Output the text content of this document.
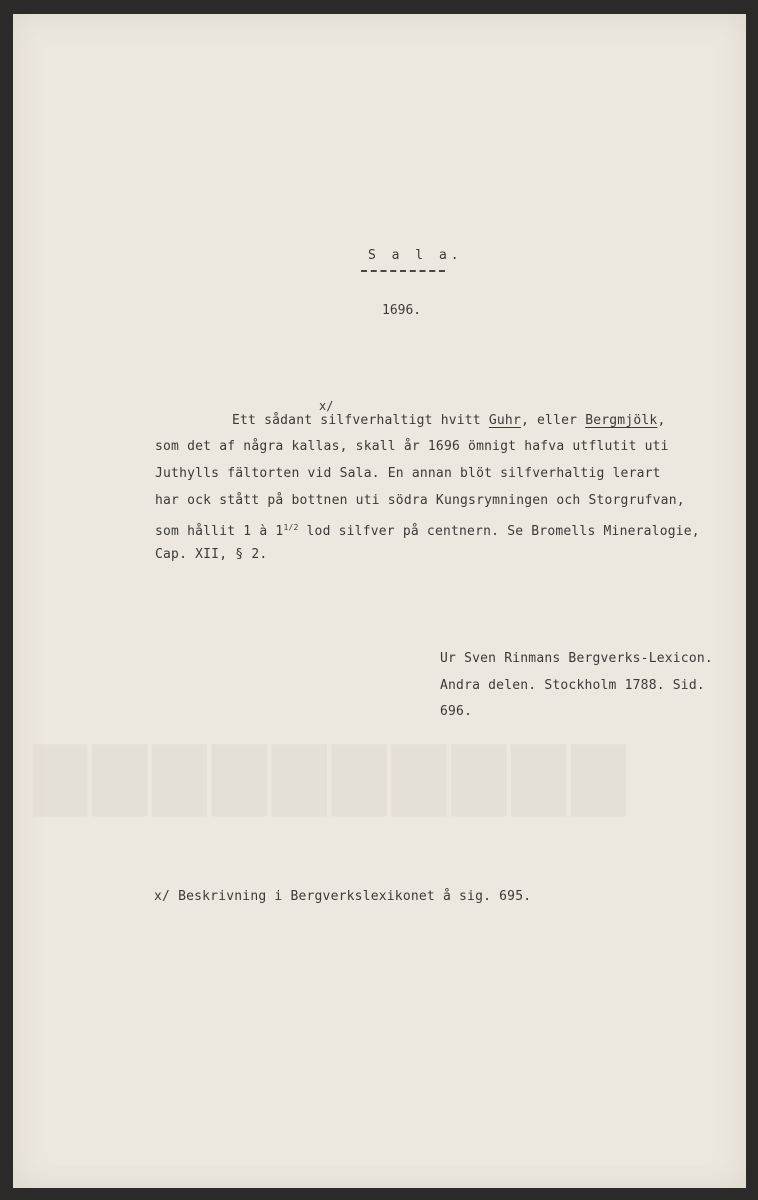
▇▇▇▇▇▇▇▇▇▇
S a l a.
1696.
x/
Ett sådant silfverhaltigt hvitt Guhr, eller Bergmjölk,
som det af några kallas, skall år 1696 ömnigt hafva utflutit uti
Juthylls fältorten vid Sala. En annan blöt silfverhaltig lerart
har ock stått på bottnen uti södra Kungsrymningen och Storgrufvan,
som hållit 1 à $1^{1/2}$ lod silfver på centnern. Se Bromells Mineralogie,
Cap. XII, § 2.
Ur Sven Rinmans Bergverks-Lexicon.
Andra delen. Stockholm 1788. Sid.
696.
x/ Beskrivning i Bergverkslexikonet å sig. 695.
